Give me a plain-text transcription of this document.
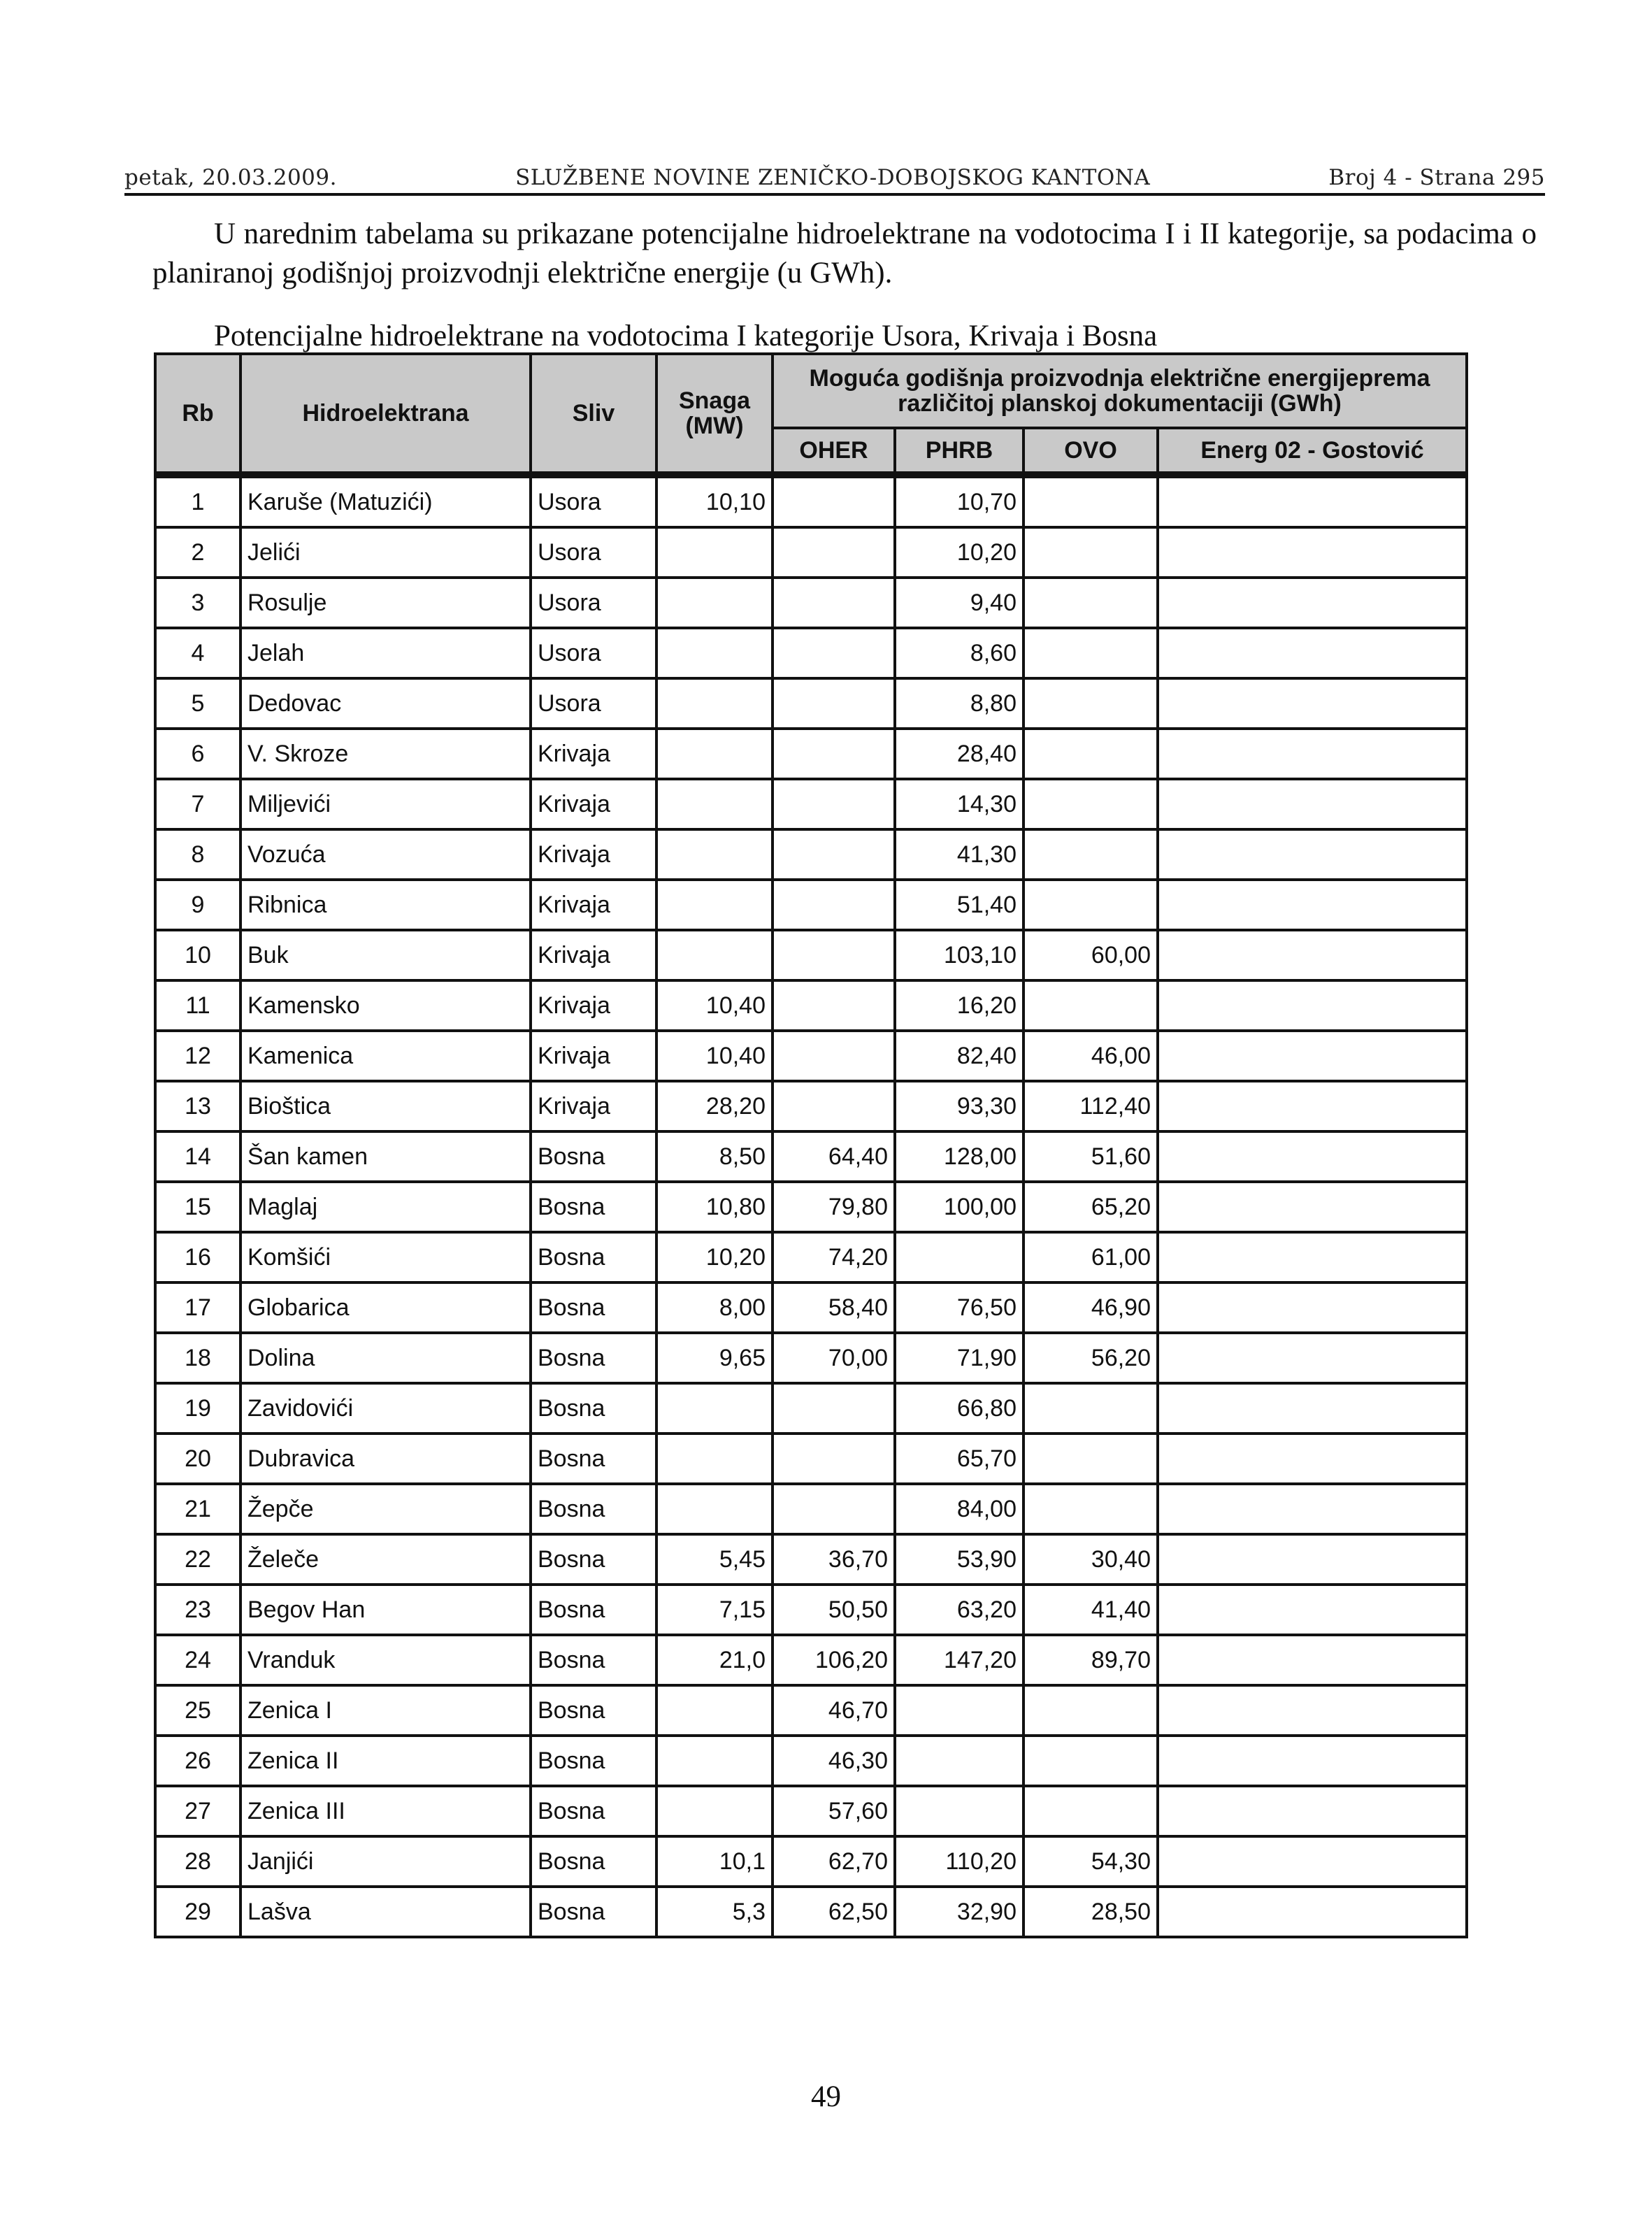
petak, 20.03.2009.	SLUŽBENE NOVINE ZENIČKO-DOBOJSKOG KANTONA	Broj 4 - Strana 295
U narednim tabelama su prikazane potencijalne hidroelektrane na vodotocima I i II kategorije, sa podacima o planiranoj godišnjoj proizvodnji električne energije (u GWh).
Potencijalne hidroelektrane na vodotocima I kategorije Usora, Krivaja i Bosna
Rb	Hidroelektrana	Sliv	Snaga
(MW)	Moguća godišnja proizvodnja električne energijeprema različitoj planskoj dokumentaciji (GWh)			
				OHER	PHRB	OVO	Energ 02 - Gostović
1	Karuše (Matuzići)	Usora	10,10		10,70		
2	Jelići	Usora			10,20		
3	Rosulje	Usora			9,40		
4	Jelah	Usora			8,60		
5	Dedovac	Usora			8,80		
6	V. Skroze	Krivaja			28,40		
7	Miljevići	Krivaja			14,30		
8	Vozuća	Krivaja			41,30		
9	Ribnica	Krivaja			51,40		
10	Buk	Krivaja			103,10	60,00	
11	Kamensko	Krivaja	10,40		16,20		
12	Kamenica	Krivaja	10,40		82,40	46,00	
13	Bioštica	Krivaja	28,20		93,30	112,40	
14	Šan kamen	Bosna	8,50	64,40	128,00	51,60	
15	Maglaj	Bosna	10,80	79,80	100,00	65,20	
16	Komšići	Bosna	10,20	74,20		61,00	
17	Globarica	Bosna	8,00	58,40	76,50	46,90	
18	Dolina	Bosna	9,65	70,00	71,90	56,20	
19	Zavidovići	Bosna			66,80		
20	Dubravica	Bosna			65,70		
21	Žepče	Bosna			84,00		
22	Želeče	Bosna	5,45	36,70	53,90	30,40	
23	Begov Han	Bosna	7,15	50,50	63,20	41,40	
24	Vranduk	Bosna	21,0	106,20	147,20	89,70	
25	Zenica I	Bosna		46,70			
26	Zenica II	Bosna		46,30			
27	Zenica III	Bosna		57,60			
28	Janjići	Bosna	10,1	62,70	110,20	54,30	
29	Lašva	Bosna	5,3	62,50	32,90	28,50	
49
